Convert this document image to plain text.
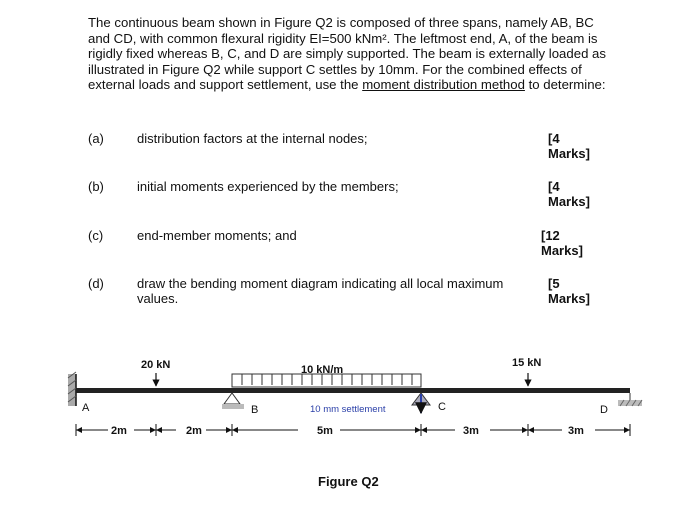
The continuous beam shown in Figure Q2 is composed of three spans, namely AB, BC and CD, with common flexural rigidity EI=500 kNm². The leftmost end, A, of the beam is rigidly fixed whereas B, C, and D are simply supported. The beam is externally loaded as illustrated in Figure Q2 while support C settles by 10mm. For the combined effects of external loads and support settlement, use the moment distribution method to determine:
(a)	distribution factors at the internal nodes;	[4
Marks]
(b)	initial moments experienced by the members;	[4
Marks]
(c)	end-member moments; and	[12
Marks]
(d)	draw the bending moment diagram indicating all local maximum values.
[5
Marks]
20 kN	10 kN/m
15 kN
B	10 mm settlement	C	D
A
2m	2m	5m	3m	3m
Figure Q2
